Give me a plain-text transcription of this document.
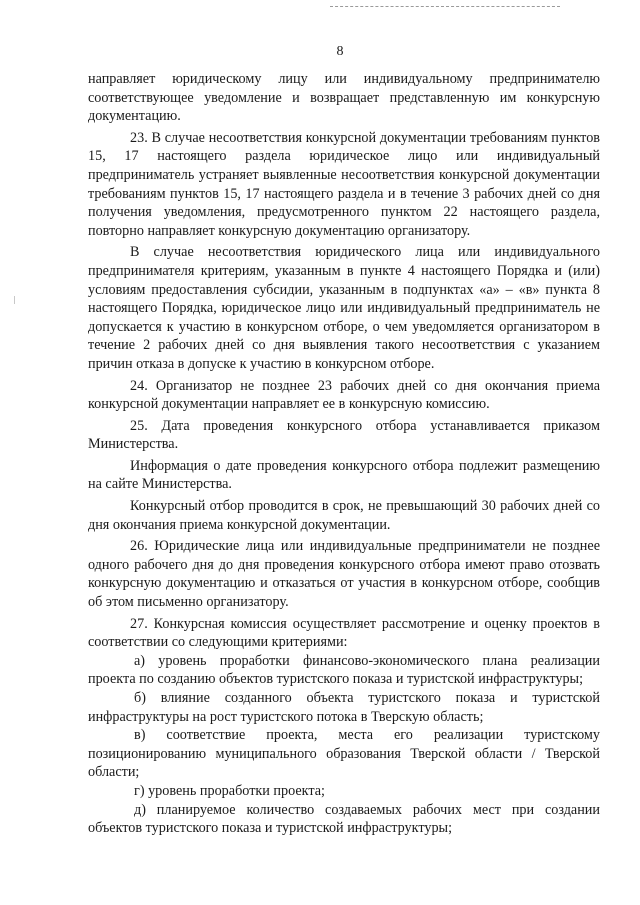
8

направляет юридическому лицу или индивидуальному предпринимателю соответствующее уведомление и возвращает представленную им конкурсную документацию.

23. В случае несоответствия конкурсной документации требованиям пунктов 15, 17 настоящего раздела юридическое лицо или индивидуальный предприниматель устраняет выявленные несоответствия конкурсной документации требованиям пунктов 15, 17 настоящего раздела и в течение 3 рабочих дней со дня получения уведомления, предусмотренного пунктом 22 настоящего раздела, повторно направляет конкурсную документацию организатору.

В случае несоответствия юридического лица или индивидуального предпринимателя критериям, указанным в пункте 4 настоящего Порядка и (или) условиям предоставления субсидии, указанным в подпунктах «а» – «в» пункта 8 настоящего Порядка, юридическое лицо или индивидуальный предприниматель не допускается к участию в конкурсном отборе, о чем уведомляется организатором в течение 2 рабочих дней со дня выявления такого несоответствия с указанием причин отказа в допуске к участию в конкурсном отборе.

24. Организатор не позднее 23 рабочих дней со дня окончания приема конкурсной документации направляет ее в конкурсную комиссию.

25. Дата проведения конкурсного отбора устанавливается приказом Министерства.

Информация о дате проведения конкурсного отбора подлежит размещению на сайте Министерства.

Конкурсный отбор проводится в срок, не превышающий 30 рабочих дней со дня окончания приема конкурсной документации.

26. Юридические лица или индивидуальные предприниматели не позднее одного рабочего дня до дня проведения конкурсного отбора имеют право отозвать конкурсную документацию и отказаться от участия в конкурсном отборе, сообщив об этом письменно организатору.

27. Конкурсная комиссия осуществляет рассмотрение и оценку проектов в соответствии со следующими критериями:

а) уровень проработки финансово-экономического плана реализации проекта по созданию объектов туристского показа и туристской инфраструктуры;

б) влияние созданного объекта туристского показа и туристской инфраструктуры на рост туристского потока в Тверскую область;

в) соответствие проекта, места его реализации туристскому позиционированию муниципального образования Тверской области / Тверской области;

г) уровень проработки проекта;

д) планируемое количество создаваемых рабочих мест при создании объектов туристского показа и туристской инфраструктуры;
